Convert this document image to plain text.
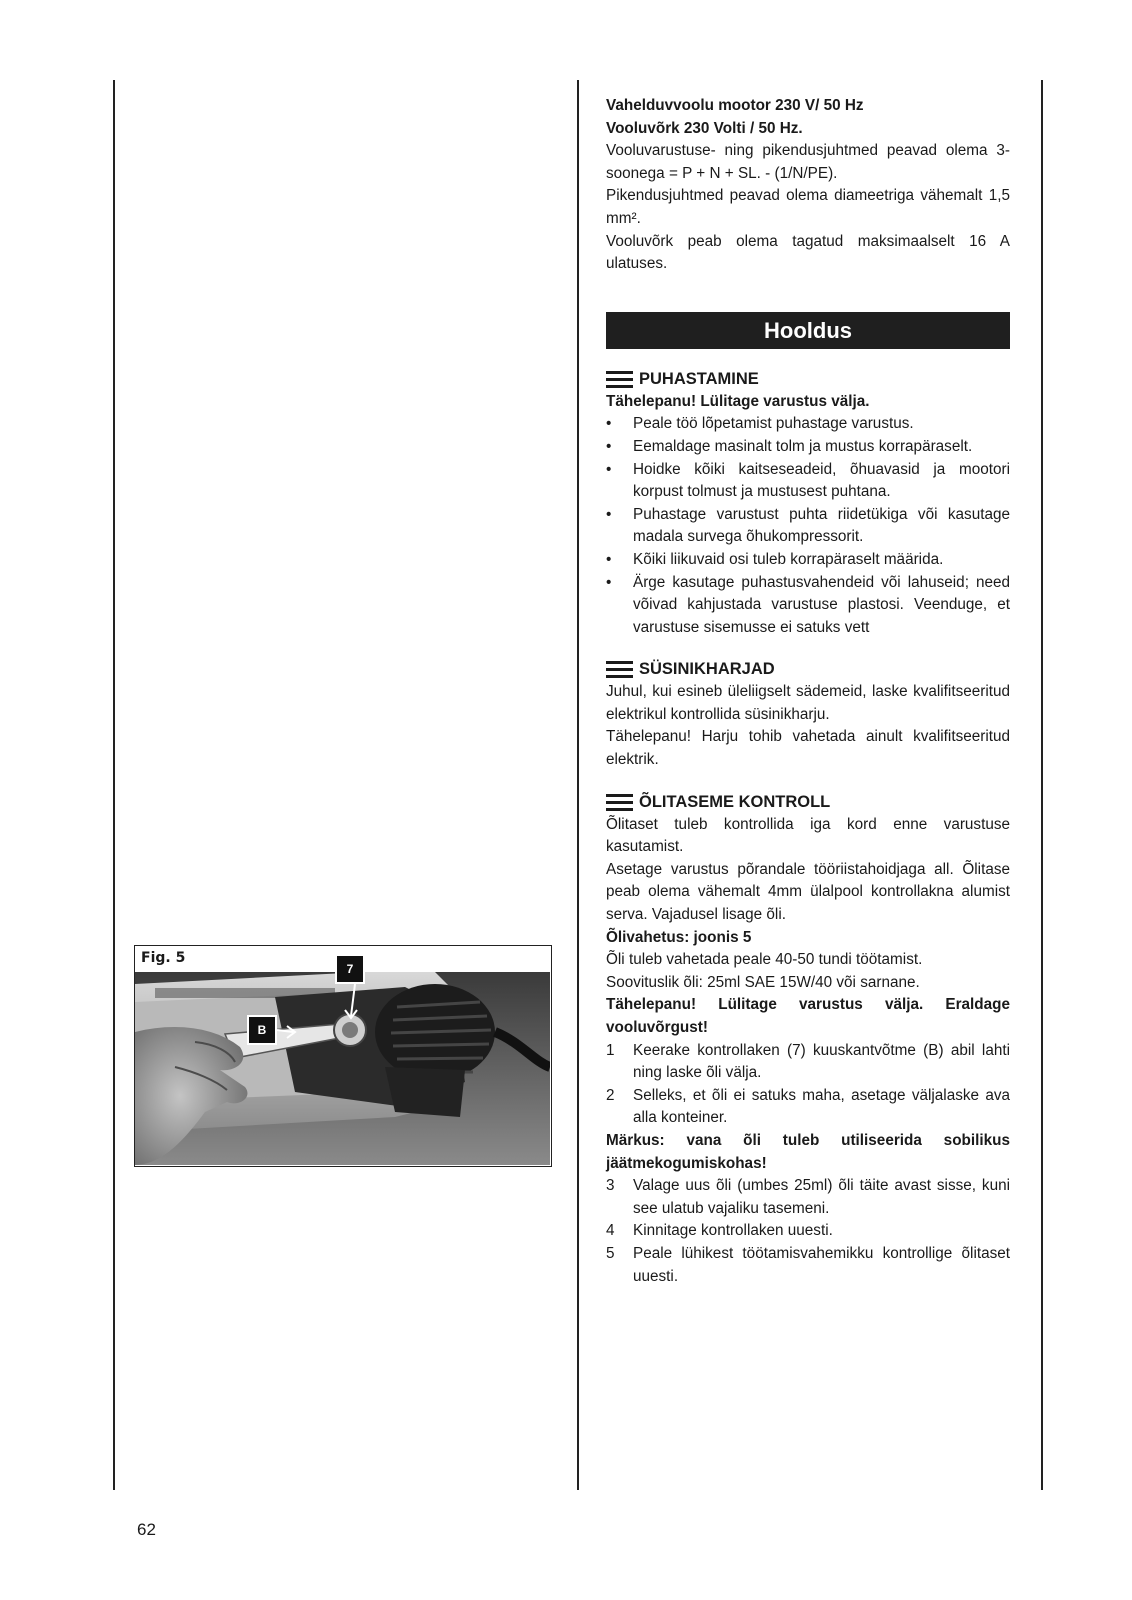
Fig. 5
7
B

Vahelduvvoolu mootor 230 V/ 50 Hz

Vooluvõrk 230 Volti / 50 Hz.

Vooluvarustuse- ning pikendusjuhtmed peavad olema 3-soonega = P + N + SL. - (1/N/PE).

Pikendusjuhtmed peavad olema diameetriga vähemalt 1,5 mm².

Vooluvõrk peab olema tagatud maksimaalselt 16 A ulatuses.

Hooldus
PUHASTAMINE

Tähelepanu! Lülitage varustus välja.

•	Peale töö lõpetamist puhastage varustus.
•	Eemaldage masinalt tolm ja mustus korrapäraselt.
•	Hoidke kõiki kaitseseadeid, õhuavasid ja mootori korpust tolmust ja mustusest puhtana.
•	Puhastage varustust puhta riidetükiga või kasutage madala survega õhukompressorit.
•	Kõiki liikuvaid osi tuleb korrapäraselt määrida.
•	Ärge kasutage puhastusvahendeid või lahuseid; need võivad kahjustada varustuse plastosi. Veenduge, et varustuse sisemusse ei satuks vett
SÜSINIKHARJAD

Juhul, kui esineb üleliigselt sädemeid, laske kvalifitseeritud elektrikul kontrollida süsinikharju.

Tähelepanu! Harju tohib vahetada ainult kvalifitseeritud elektrik.

ÕLITASEME KONTROLL

Õlitaset tuleb kontrollida iga kord enne varustuse kasutamist.

Asetage varustus põrandale tööriistahoidjaga all. Õlitase peab olema vähemalt 4mm ülalpool kontrollakna alumist serva. Vajadusel lisage õli.

Õlivahetus: joonis 5

Õli tuleb vahetada peale 40-50 tundi töötamist.

Soovituslik õli: 25ml SAE 15W/40 või sarnane.

Tähelepanu! Lülitage varustus välja. Eraldage vooluvõrgust!

1	Keerake kontrollaken (7) kuuskantvõtme (B) abil lahti ning laske õli välja.
2	Selleks, et õli ei satuks maha, asetage väljalaske ava alla konteiner.

Märkus: vana õli tuleb utiliseerida sobilikus jäätmekogumiskohas!

3	Valage uus õli (umbes 25ml) õli täite avast sisse, kuni see ulatub vajaliku tasemeni.
4	Kinnitage kontrollaken uuesti.
5	Peale lühikest töötamisvahemikku kontrollige õlitaset uuesti.
62
